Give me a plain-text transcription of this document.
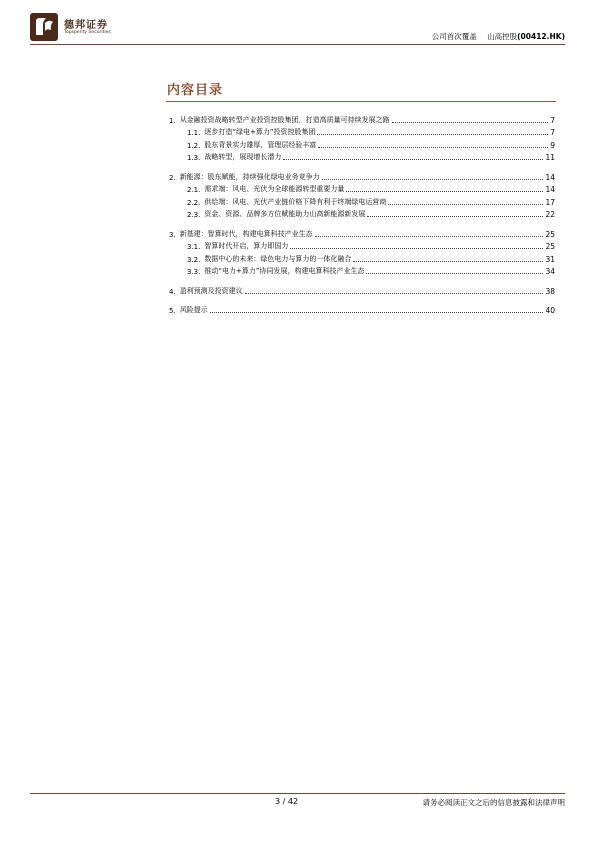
德邦证券
Topsperity Securities	公司首次覆盖 山高控股(00412.HK)
内容目录
1. 从金融投资战略转型产业投资控股集团，打造高质量可持续发展之路	7
1.1. 逐步打造“绿电+算力”投资控股集团	7
1.2. 股东背景实力雄厚，管理层经验丰富	9
1.3. 战略转型，展现增长潜力	11
2. 新能源：股东赋能，持续强化绿电业务竞争力	14
2.1. 需求端：风电、光伏为全球能源转型重要力量	14
2.2. 供给端：风电、光伏产业链价格下降有利于终端绿电运营商	17
2.3. 资金、资源、品牌多方位赋能助力山高新能源新发展	22
3. 新基建：智算时代，构建电算科技产业生态	25
3.1. 智算时代开启，算力即国力	25
3.2. 数据中心的未来：绿色电力与算力的一体化融合	31
3.3. 推动“电力+算力”协同发展，构建电算科技产业生态	34
4. 盈利预测及投资建议	38
5. 风险提示	40
3 / 42	请务必阅读正文之后的信息披露和法律声明
